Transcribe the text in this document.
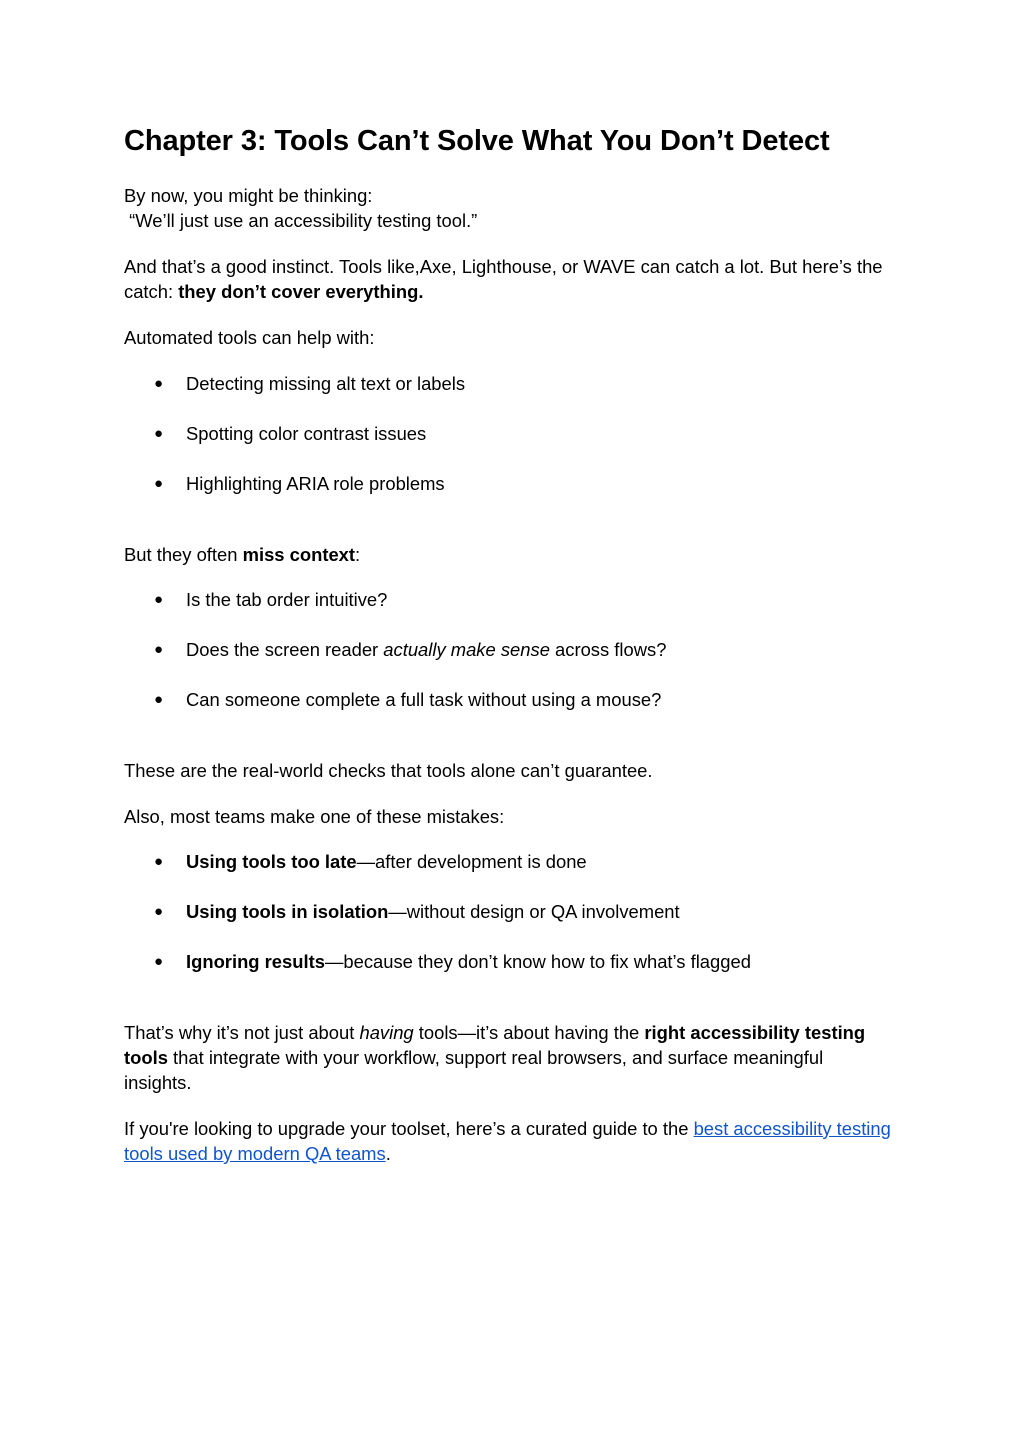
Chapter 3: Tools Can’t Solve What You Don’t Detect

By now, you might be thinking:
“We’ll just use an accessibility testing tool.”

And that’s a good instinct. Tools like,Axe, Lighthouse, or WAVE can catch a lot. But here’s the catch: they don’t cover everything.

Automated tools can help with:

● Detecting missing alt text or labels
● Spotting color contrast issues
● Highlighting ARIA role problems

But they often miss context:

● Is the tab order intuitive?
● Does the screen reader actually make sense across flows?
● Can someone complete a full task without using a mouse?

These are the real-world checks that tools alone can’t guarantee.

Also, most teams make one of these mistakes:

● Using tools too late—after development is done
● Using tools in isolation—without design or QA involvement
● Ignoring results—because they don’t know how to fix what’s flagged

That’s why it’s not just about having tools—it’s about having the right accessibility testing tools that integrate with your workflow, support real browsers, and surface meaningful insights.

If you're looking to upgrade your toolset, here’s a curated guide to the best accessibility testing tools used by modern QA teams.
